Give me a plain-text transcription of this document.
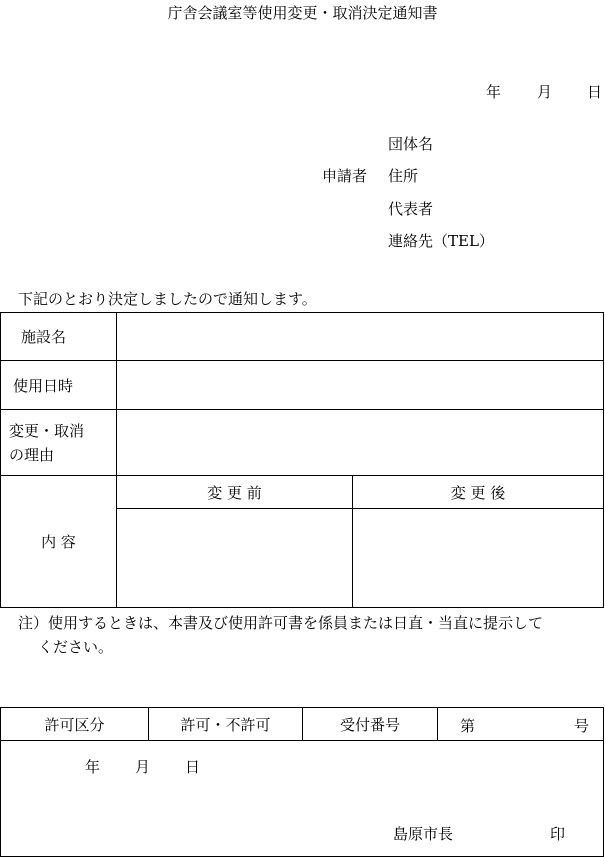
庁舎会議室等使用変更・取消決定通知書
年 月 日
団体名
申請者 住所
代表者
連絡先（TEL）
下記のとおり決定しましたので通知します。
施設名		
使用日時		

変更・取消
の理由		

内 容	変 更 前	変 更 後

注）使用するときは、本書及び使用許可書を係員または日直・当直に提示して
ください。
許可区分	許可・不許可	受付番号	第	号

年 月 日
島原市長	印
